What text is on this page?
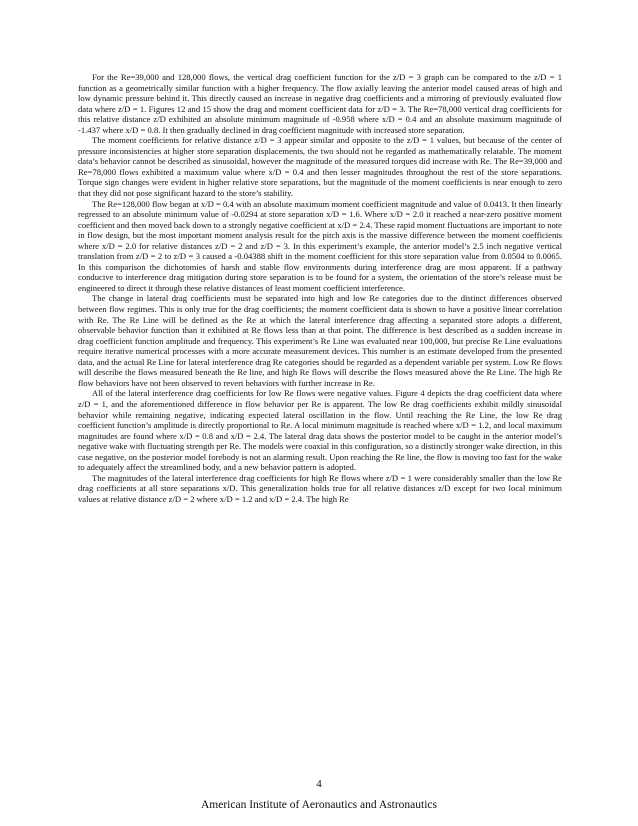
For the Re=39,000 and 128,000 flows, the vertical drag coefficient function for the z/D = 3 graph can be compared to the z/D = 1 function as a geometrically similar function with a higher frequency. The flow axially leaving the anterior model caused areas of high and low dynamic pressure behind it. This directly caused an increase in negative drag coefficients and a mirroring of previously evaluated flow data where z/D = 1. Figures 12 and 15 show the drag and moment coefficient data for z/D = 3. The Re=78,000 vertical drag coefficients for this relative distance z/D exhibited an absolute minimum magnitude of -0.958 where x/D = 0.4 and an absolute maximum magnitude of -1.437 where x/D = 0.8. It then gradually declined in drag coefficient magnitude with increased store separation.

The moment coefficients for relative distance z/D = 3 appear similar and opposite to the z/D = 1 values, but because of the center of pressure inconsistencies at higher store separation displacements, the two should not be regarded as mathematically relatable. The moment data’s behavior cannot be described as sinusoidal, however the magnitude of the measured torques did increase with Re. The Re=39,000 and Re=78,000 flows exhibited a maximum value where x/D = 0.4 and then lesser magnitudes throughout the rest of the store separations. Torque sign changes were evident in higher relative store separations, but the magnitude of the moment coefficients is near enough to zero that they did not pose significant hazard to the store’s stability.

The Re=128,000 flow began at x/D = 0.4 with an absolute maximum moment coefficient magnitude and value of 0.0413. It then linearly regressed to an absolute minimum value of -0.0294 at store separation x/D = 1.6. Where x/D = 2.0 it reached a near-zero positive moment coefficient and then moved back down to a strongly negative coefficient at x/D = 2.4. These rapid moment fluctuations are important to note in flow design, but the most important moment analysis result for the pitch axis is the massive difference between the moment coefficients where x/D = 2.0 for relative distances z/D = 2 and z/D = 3. In this experiment’s example, the anterior model’s 2.5 inch negative vertical translation from z/D = 2 to z/D = 3 caused a -0.04388 shift in the moment coefficient for this store separation value from 0.0504 to 0.0065. In this comparison the dichotomies of harsh and stable flow environments during interference drag are most apparent. If a pathway conducive to interference drag mitigation during store separation is to be found for a system, the orientation of the store’s release must be engineered to direct it through these relative distances of least moment coefficient interference.

The change in lateral drag coefficients must be separated into high and low Re categories due to the distinct differences observed between flow regimes. This is only true for the drag coefficients; the moment coefficient data is shown to have a positive linear correlation with Re. The Re Line will be defined as the Re at which the lateral interference drag affecting a separated store adopts a different, observable behavior function than it exhibited at Re flows less than at that point. The difference is best described as a sudden increase in drag coefficient function amplitude and frequency. This experiment’s Re Line was evaluated near 100,000, but precise Re Line evaluations require iterative numerical processes with a more accurate measurement devices. This number is an estimate developed from the presented data, and the actual Re Line for lateral interference drag Re categories should be regarded as a dependent variable per system. Low Re flows will describe the flows measured beneath the Re line, and high Re flows will describe the flows measured above the Re Line. The high Re flow behaviors have not been observed to revert behaviors with further increase in Re.

All of the lateral interference drag coefficients for low Re flows were negative values. Figure 4 depicts the drag coefficient data where z/D = 1, and the aforementioned difference in flow behavior per Re is apparent. The low Re drag coefficients exhibit mildly sinusoidal behavior while remaining negative, indicating expected lateral oscillation in the flow. Until reaching the Re Line, the low Re drag coefficient function’s amplitude is directly proportional to Re. A local minimum magnitude is reached where x/D = 1.2, and local maximum magnitudes are found where x/D = 0.8 and x/D = 2.4. The lateral drag data shows the posterior model to be caught in the anterior model’s negative wake with fluctuating strength per Re. The models were coaxial in this configuration, so a distinctly stronger wake direction, in this case negative, on the posterior model forebody is not an alarming result. Upon reaching the Re line, the flow is moving too fast for the wake to adequately affect the streamlined body, and a new behavior pattern is adopted.

The magnitudes of the lateral interference drag coefficients for high Re flows where z/D = 1 were considerably smaller than the low Re drag coefficients at all store separations x/D. This generalization holds true for all relative distances z/D except for two local minimum values at relative distance z/D = 2 where x/D = 1.2 and x/D = 2.4. The high Re

4
American Institute of Aeronautics and Astronautics
